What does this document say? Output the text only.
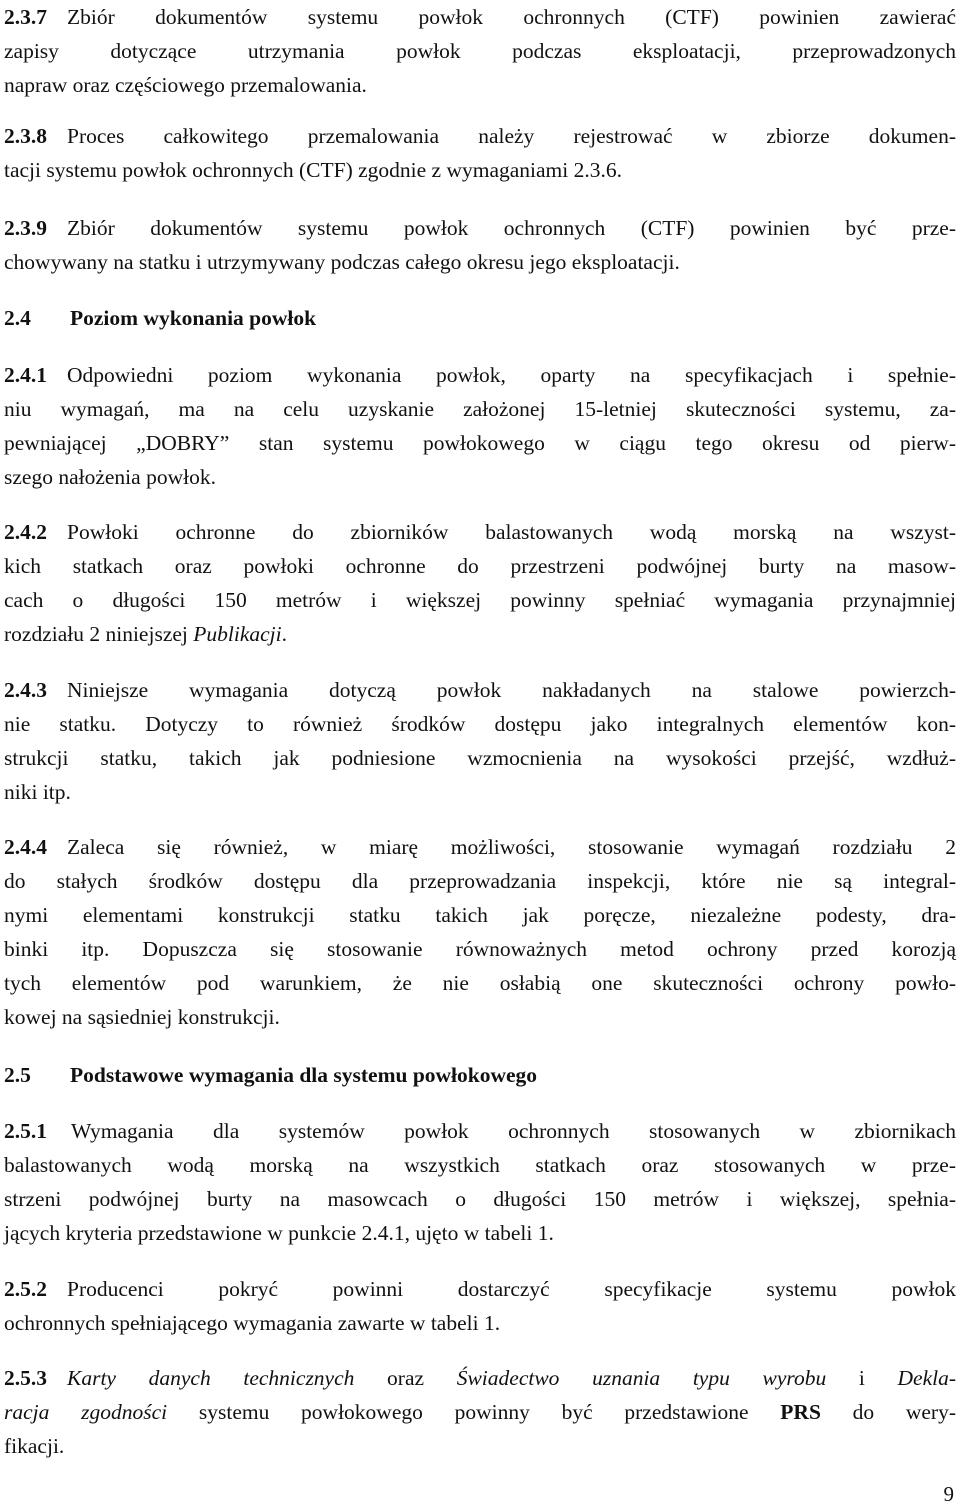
2.3.7 Zbiór dokumentów systemu powłok ochronnych (CTF) powinien zawierać
zapisy dotyczące utrzymania powłok podczas eksploatacji, przeprowadzonych
napraw oraz częściowego przemalowania.
2.3.8 Proces całkowitego przemalowania należy rejestrować w zbiorze dokumen-
tacji systemu powłok ochronnych (CTF) zgodnie z wymaganiami 2.3.6.
2.3.9 Zbiór dokumentów systemu powłok ochronnych (CTF) powinien być prze-
chowywany na statku i utrzymywany podczas całego okresu jego eksploatacji.
2.4 Poziom wykonania powłok
2.4.1 Odpowiedni poziom wykonania powłok, oparty na specyfikacjach i spełnie-
niu wymagań, ma na celu uzyskanie założonej 15-letniej skuteczności systemu, za-
pewniającej „DOBRY” stan systemu powłokowego w ciągu tego okresu od pierw-
szego nałożenia powłok.
2.4.2 Powłoki ochronne do zbiorników balastowanych wodą morską na wszyst-
kich statkach oraz powłoki ochronne do przestrzeni podwójnej burty na masow-
cach o długości 150 metrów i większej powinny spełniać wymagania przynajmniej
rozdziału 2 niniejszej Publikacji.
2.4.3 Niniejsze wymagania dotyczą powłok nakładanych na stalowe powierzch-
nie statku. Dotyczy to również środków dostępu jako integralnych elementów kon-
strukcji statku, takich jak podniesione wzmocnienia na wysokości przejść, wzdłuż-
niki itp.
2.4.4 Zaleca się również, w miarę możliwości, stosowanie wymagań rozdziału 2
do stałych środków dostępu dla przeprowadzania inspekcji, które nie są integral-
nymi elementami konstrukcji statku takich jak poręcze, niezależne podesty, dra-
binki itp. Dopuszcza się stosowanie równoważnych metod ochrony przed korozją
tych elementów pod warunkiem, że nie osłabią one skuteczności ochrony powło-
kowej na sąsiedniej konstrukcji.
2.5 Podstawowe wymagania dla systemu powłokowego
2.5.1 Wymagania dla systemów powłok ochronnych stosowanych w zbiornikach
balastowanych wodą morską na wszystkich statkach oraz stosowanych w prze-
strzeni podwójnej burty na masowcach o długości 150 metrów i większej, spełnia-
jących kryteria przedstawione w punkcie 2.4.1, ujęto w tabeli 1.
2.5.2 Producenci pokryć powinni dostarczyć specyfikacje systemu powłok
ochronnych spełniającego wymagania zawarte w tabeli 1.
2.5.3 Karty danych technicznych oraz Świadectwo uznania typu wyrobu i Dekla-
racja zgodności systemu powłokowego powinny być przedstawione PRS do wery-
fikacji.
9
